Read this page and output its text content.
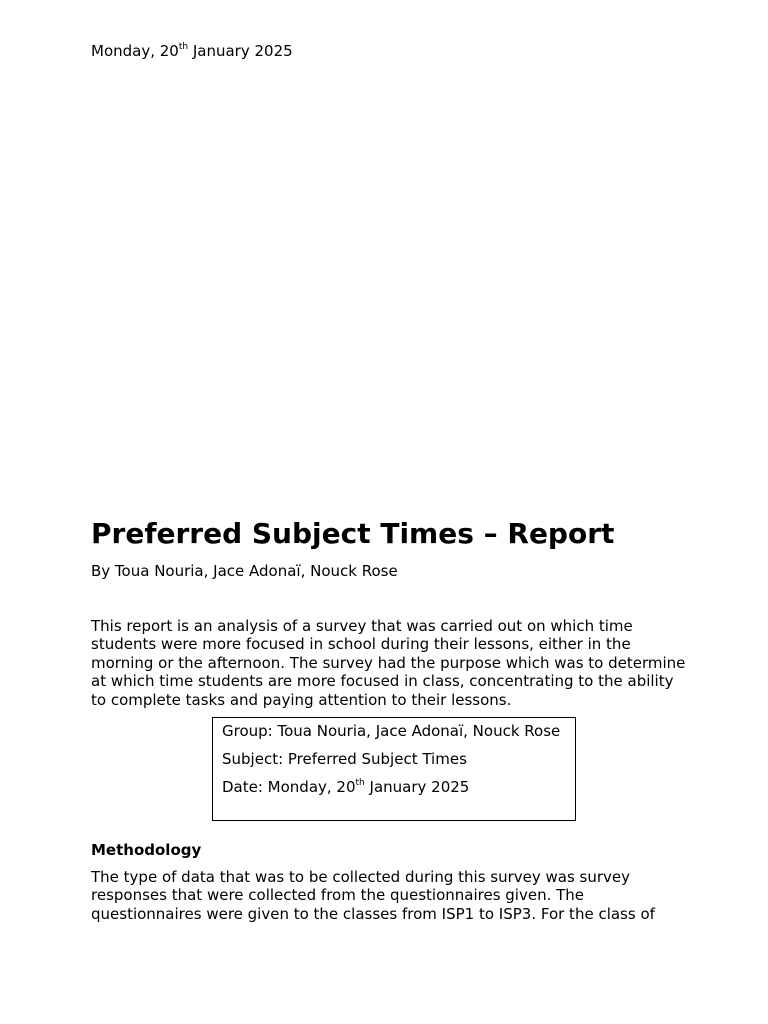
Monday, 20th January 2025
Preferred Subject Times – Report
By Toua Nouria, Jace Adonaï, Nouck Rose

This report is an analysis of a survey that was carried out on which time students were more focused in school during their lessons, either in the morning or the afternoon. The survey had the purpose which was to determine at which time students are more focused in class, concentrating to the ability to complete tasks and paying attention to their lessons.

Group: Toua Nouria, Jace Adonaï, Nouck Rose

Subject: Preferred Subject Times

Date: Monday, 20th January 2025

Methodology

The type of data that was to be collected during this survey was survey responses that were collected from the questionnaires given. The questionnaires were given to the classes from ISP1 to ISP3. For the class of
